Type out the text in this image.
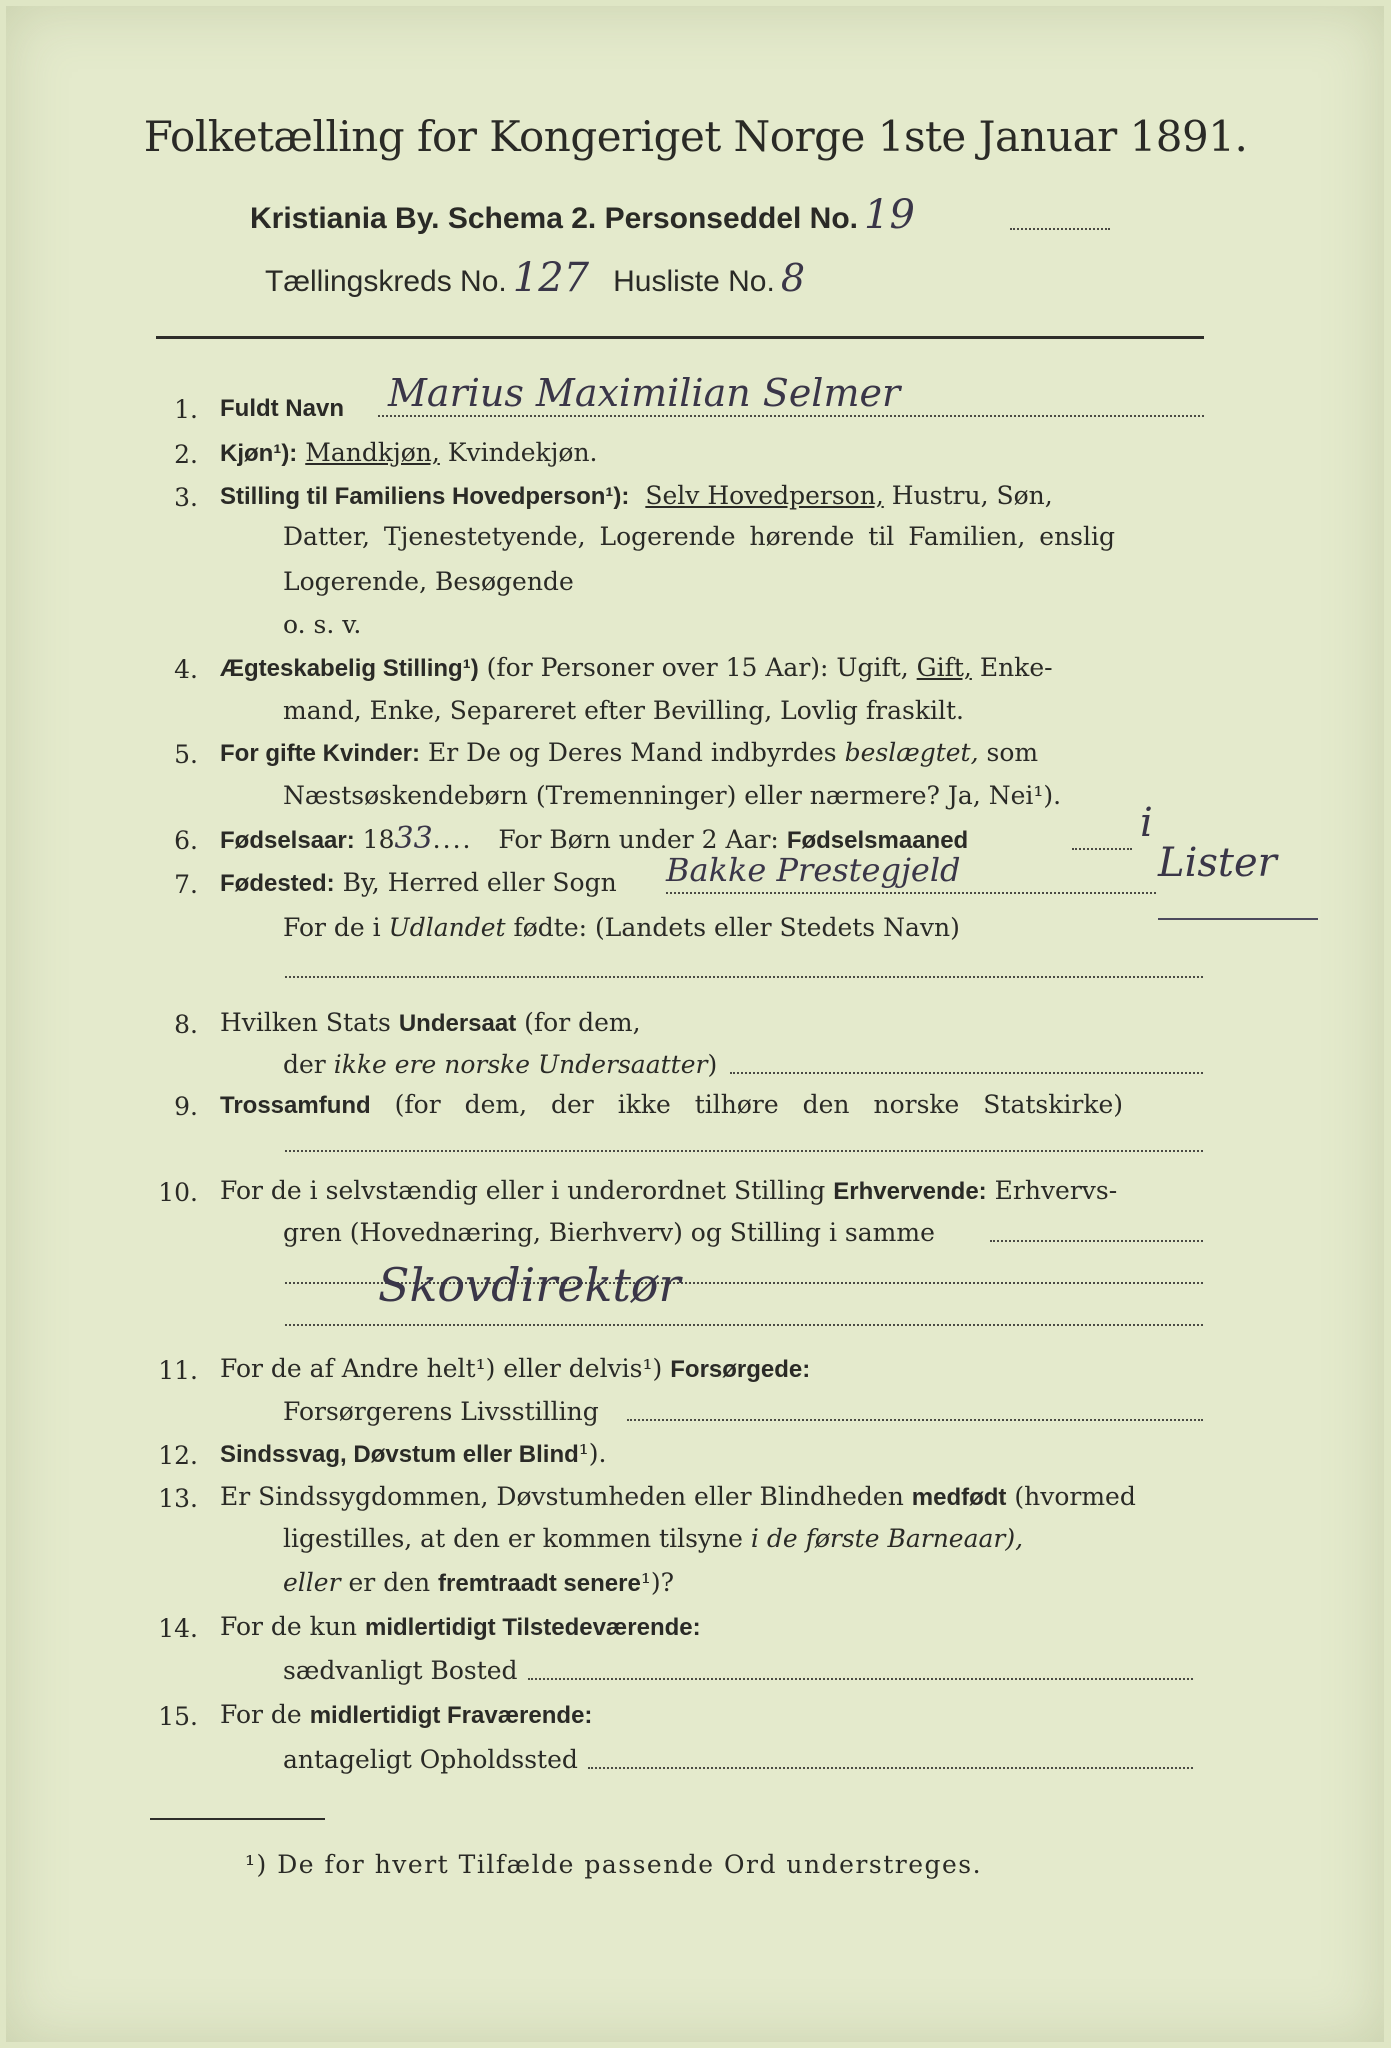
Folketælling for Kongeriget Norge 1ste Januar 1891.
Kristiania By. Schema 2. Personseddel No. 19
Tællingskreds No. 127 Husliste No. 8
1. Fuldt Navn Marius Maximilian Selmer
2. Kjøn¹): Mandkjøn, Kvindekjøn.
3. Stilling til Familiens Hovedperson¹): Selv Hovedperson, Hustru, Søn,
Datter, Tjenestetyende, Logerende hørende til Familien, enslig
Logerende, Besøgende
o. s. v.
4. Ægteskabelig Stilling¹) (for Personer over 15 Aar): Ugift, Gift, Enke-
mand, Enke, Separeret efter Bevilling, Lovlig fraskilt.
5. For gifte Kvinder: Er De og Deres Mand indbyrdes beslægtet, som
Næstsøskendebørn (Tremenninger) eller nærmere? Ja, Nei¹).
6. Fødselsaar: 1833.... For Børn under 2 Aar: Fødselsmaaned	i
7. Fødested: By, Herred eller Sogn Bakke Prestegjeld	Lister
For de i Udlandet fødte: (Landets eller Stedets Navn)
8. Hvilken Stats Undersaat (for dem,
der ikke ere norske Undersaatter)
9. Trossamfund (for dem, der ikke tilhøre den norske Statskirke)
10. For de i selvstændig eller i underordnet Stilling Erhvervende: Erhvervs-
gren (Hovednæring, Bierhverv) og Stilling i samme
Skovdirektør
11. For de af Andre helt¹) eller delvis¹) Forsørgede:
Forsørgerens Livsstilling
12. Sindssvag, Døvstum eller Blind¹).
13. Er Sindssygdommen, Døvstumheden eller Blindheden medfødt (hvormed
ligestilles, at den er kommen tilsyne i de første Barneaar),
eller er den fremtraadt senere¹)?
14. For de kun midlertidigt Tilstedeværende:
sædvanligt Bosted
15. For de midlertidigt Fraværende:
antageligt Opholdssted
¹) De for hvert Tilfælde passende Ord understreges.
